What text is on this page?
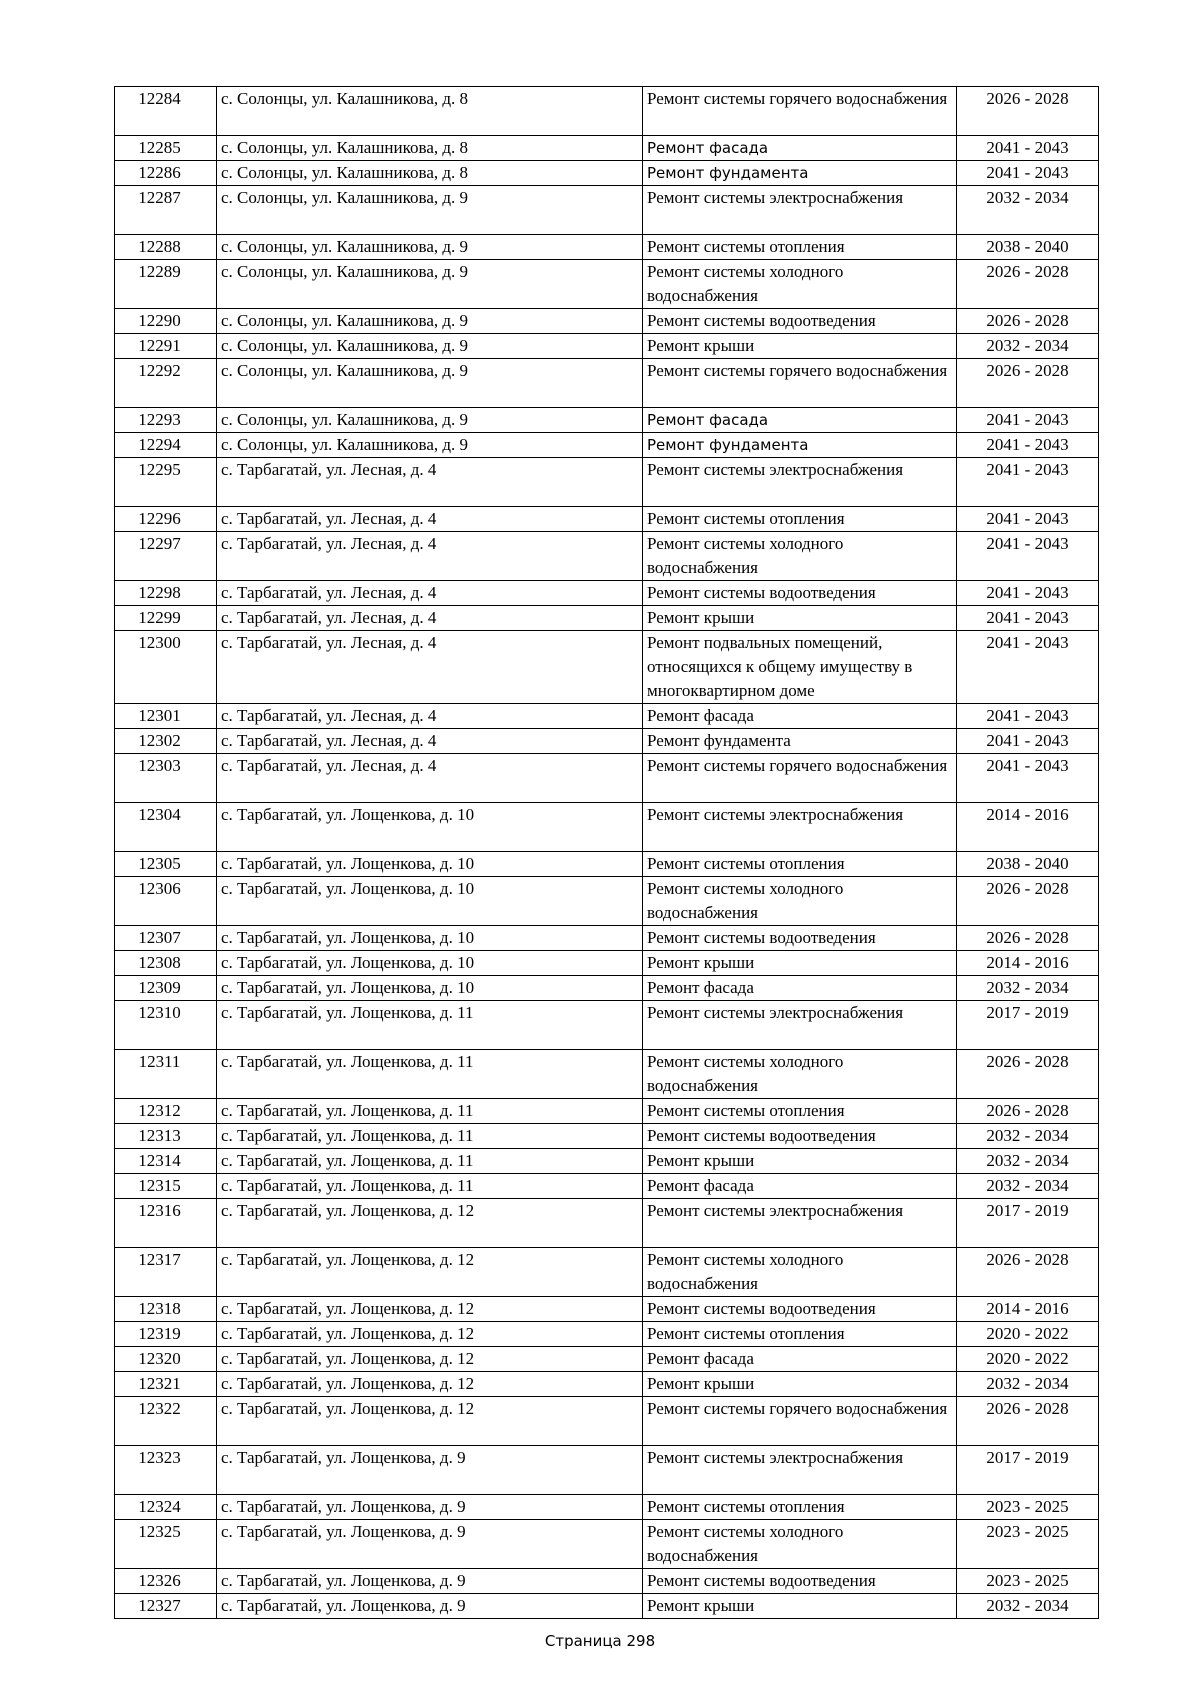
12284	с. Солонцы, ул. Калашникова, д. 8	Ремонт системы горячего водоснабжения	2026 - 2028
12285	с. Солонцы, ул. Калашникова, д. 8	Ремонт фасада	2041 - 2043
12286	с. Солонцы, ул. Калашникова, д. 8	Ремонт фундамента	2041 - 2043
12287	с. Солонцы, ул. Калашникова, д. 9	Ремонт системы электроснабжения	2032 - 2034
12288	с. Солонцы, ул. Калашникова, д. 9	Ремонт системы отопления	2038 - 2040
12289	с. Солонцы, ул. Калашникова, д. 9	Ремонт системы холодного водоснабжения	2026 - 2028
12290	с. Солонцы, ул. Калашникова, д. 9	Ремонт системы водоотведения	2026 - 2028
12291	с. Солонцы, ул. Калашникова, д. 9	Ремонт крыши	2032 - 2034
12292	с. Солонцы, ул. Калашникова, д. 9	Ремонт системы горячего водоснабжения	2026 - 2028
12293	с. Солонцы, ул. Калашникова, д. 9	Ремонт фасада	2041 - 2043
12294	с. Солонцы, ул. Калашникова, д. 9	Ремонт фундамента	2041 - 2043
12295	с. Тарбагатай, ул. Лесная, д. 4	Ремонт системы электроснабжения	2041 - 2043
12296	с. Тарбагатай, ул. Лесная, д. 4	Ремонт системы отопления	2041 - 2043
12297	с. Тарбагатай, ул. Лесная, д. 4	Ремонт системы холодного водоснабжения	2041 - 2043
12298	с. Тарбагатай, ул. Лесная, д. 4	Ремонт системы водоотведения	2041 - 2043
12299	с. Тарбагатай, ул. Лесная, д. 4	Ремонт крыши	2041 - 2043
12300	с. Тарбагатай, ул. Лесная, д. 4	Ремонт подвальных помещений, относящихся к общему имуществу в многоквартирном доме	2041 - 2043
12301	с. Тарбагатай, ул. Лесная, д. 4	Ремонт фасада	2041 - 2043
12302	с. Тарбагатай, ул. Лесная, д. 4	Ремонт фундамента	2041 - 2043
12303	с. Тарбагатай, ул. Лесная, д. 4	Ремонт системы горячего водоснабжения	2041 - 2043
12304	с. Тарбагатай, ул. Лощенкова, д. 10	Ремонт системы электроснабжения	2014 - 2016
12305	с. Тарбагатай, ул. Лощенкова, д. 10	Ремонт системы отопления	2038 - 2040
12306	с. Тарбагатай, ул. Лощенкова, д. 10	Ремонт системы холодного водоснабжения	2026 - 2028
12307	с. Тарбагатай, ул. Лощенкова, д. 10	Ремонт системы водоотведения	2026 - 2028
12308	с. Тарбагатай, ул. Лощенкова, д. 10	Ремонт крыши	2014 - 2016
12309	с. Тарбагатай, ул. Лощенкова, д. 10	Ремонт фасада	2032 - 2034
12310	с. Тарбагатай, ул. Лощенкова, д. 11	Ремонт системы электроснабжения	2017 - 2019
12311	с. Тарбагатай, ул. Лощенкова, д. 11	Ремонт системы холодного водоснабжения	2026 - 2028
12312	с. Тарбагатай, ул. Лощенкова, д. 11	Ремонт системы отопления	2026 - 2028
12313	с. Тарбагатай, ул. Лощенкова, д. 11	Ремонт системы водоотведения	2032 - 2034
12314	с. Тарбагатай, ул. Лощенкова, д. 11	Ремонт крыши	2032 - 2034
12315	с. Тарбагатай, ул. Лощенкова, д. 11	Ремонт фасада	2032 - 2034
12316	с. Тарбагатай, ул. Лощенкова, д. 12	Ремонт системы электроснабжения	2017 - 2019
12317	с. Тарбагатай, ул. Лощенкова, д. 12	Ремонт системы холодного водоснабжения	2026 - 2028
12318	с. Тарбагатай, ул. Лощенкова, д. 12	Ремонт системы водоотведения	2014 - 2016
12319	с. Тарбагатай, ул. Лощенкова, д. 12	Ремонт системы отопления	2020 - 2022
12320	с. Тарбагатай, ул. Лощенкова, д. 12	Ремонт фасада	2020 - 2022
12321	с. Тарбагатай, ул. Лощенкова, д. 12	Ремонт крыши	2032 - 2034
12322	с. Тарбагатай, ул. Лощенкова, д. 12	Ремонт системы горячего водоснабжения	2026 - 2028
12323	с. Тарбагатай, ул. Лощенкова, д. 9	Ремонт системы электроснабжения	2017 - 2019
12324	с. Тарбагатай, ул. Лощенкова, д. 9	Ремонт системы отопления	2023 - 2025
12325	с. Тарбагатай, ул. Лощенкова, д. 9	Ремонт системы холодного водоснабжения	2023 - 2025
12326	с. Тарбагатай, ул. Лощенкова, д. 9	Ремонт системы водоотведения	2023 - 2025
12327	с. Тарбагатай, ул. Лощенкова, д. 9	Ремонт крыши	2032 - 2034
Страница 298
